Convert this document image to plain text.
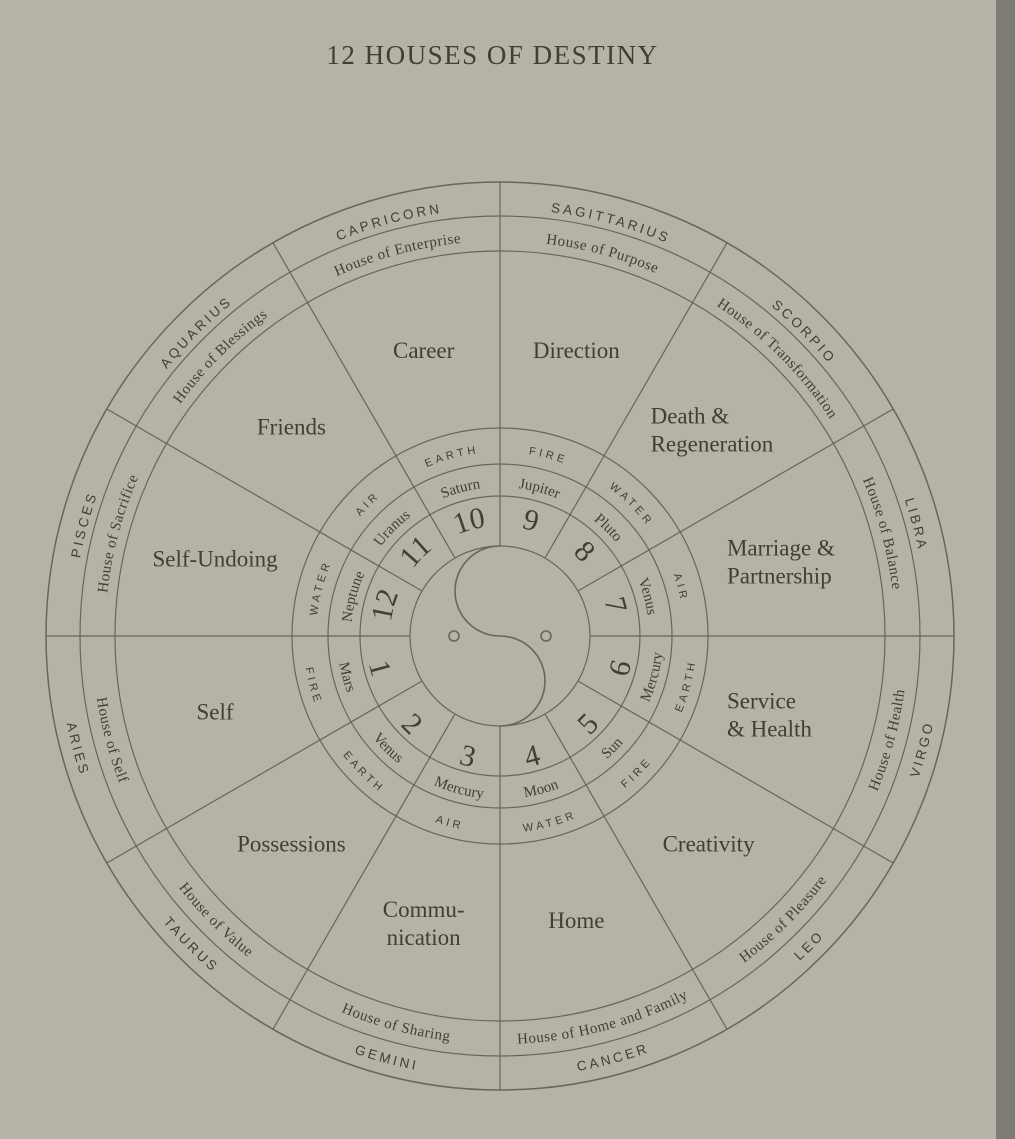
12 HOUSES OF DESTINY
SAGITTARIUS
House of Purpose
FIRE
Jupiter
9
Direction
SCORPIO
House of Transformation
WATER
Pluto
8
Death & Regeneration
LIBRA
House of Balance
AIR
Venus
7
Marriage & Partnership
VIRGO
House of Health
EARTH
Mercury
6
Service & Health
LEO
House of Pleasure
FIRE
Sun
5
Creativity
CANCER
House of Home and Family
WATER
Moon
4
Home
GEMINI
House of Sharing
AIR
Mercury
3
Commu-nication
TAURUS
House of Value
EARTH
Venus
2
Possessions
ARIES
House of Self
FIRE
Mars
1
Self
PISCES
House of Sacrifice
WATER
Neptune
12
Self-Undoing
AQUARIUS
House of Blessings
AIR
Uranus
11
Friends
CAPRICORN
House of Enterprise
EARTH
Saturn
10
Career
